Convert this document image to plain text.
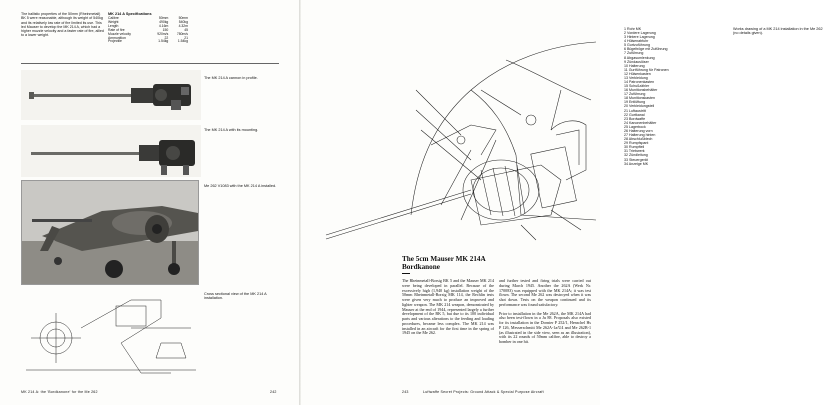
The ballistic properties of the 50mm (Rheinmetall) BK 5 were reasonable, although its weight of 540kg and its relatively low rate of fire limited its use. This led Mauser to develop the MK 214 A, which had a higher muzzle velocity and a faster rate of fire, allied to a lower weight.

MK 214 A Specifications
Calibre	50mm	50mm
Weight	490kg	540kg
Length	4.16m	4.32m
Rate of fire	150	45
Muzzle velocity	920m/s	780m/s
Ammunition	22	21
Projectile	1.54kg	1.54kg
The MK 214 A cannon in profile.
The MK 214 A with its mounting.
Me 262 V1083 with the MK 214 A installed.
Cross sectional view of the MK 214 A installation.
MK 214 A: the 'Bordkanone' for the Me 262	242
1 Rohr MK
2 Vordere Lagerung
3 Hintere Lagerung
4 Hülsenabfuhr
5 Gurtzuführung
6 Bügeltröge mit Zuführung
7 Zuführung
8 Abgasumlenkung
9 Zündauslöser
10 Halterung
11 Gurtführung für Patronen
12 Hülsenkasten
13 Verkleidung
14 Patronenkasten
15 Schußzähler
16 Munitionsbehälter
17 Zuführung
18 Munitionskasten
19 Entlüftung
20 Verkleidungsteil
21 Luftaustritt
22 Gurtkanal
23 Bordwaffe
24 Kanonenbehälter
25 Lagerbock
26 Halterung vorn
27 Halterung hinten
28 Abschlußblech
29 Rumpfspant
30 Rumpfteil
31 Triebwerk
32 Zündleitung
33 Steuergerät
34 Anzeige MK
Works drawing of a MK 214 installation in the Me 262 (no details given).
The 5cm Mauser MK 214A
Bordkanone

The Rheinmetall-Borsig BK 5 and the Mauser MK 214 were being developed in parallel. Because of the excessively high (1,940 kg) installation weight of the 50mm Rheinmetall-Borsig MK 114, the Rechlin tests were given very much to produce an improved and lighter weapon. The MK 214 weapon, demonstrated by Mauser at the end of 1944, represented largely a further development of the BK 5, but due to its 100 individual parts and various alterations to the feeding and loading procedures, became less complex. The MK 214 was installed in an aircraft for the first time in the spring of 1945 on the Me 262.

and further tested and firing trials were carried out during March 1945. Another the 262A (Werk Nr. 170083) was equipped with the MK 214A; it was test flown. The second Me 262 was destroyed when it was shot down. Tests on the weapon continued and its performance was found satisfactory.

Prior to installation in the Me 262A, the MK 214A had also been test-flown in a Ju 88. Proposals also existed for its installation in the Dornier P 252/1, Henschel Hs P 126, Messerschmitt Me 262A-1a/U4 and Me 262B-1 (as illustrated in the side view, seen as an illustration), with its 22 rounds of 50mm calibre, able to destroy a bomber in one hit.

243	Luftwaffe Secret Projects: Ground Attack & Special Purpose Aircraft
